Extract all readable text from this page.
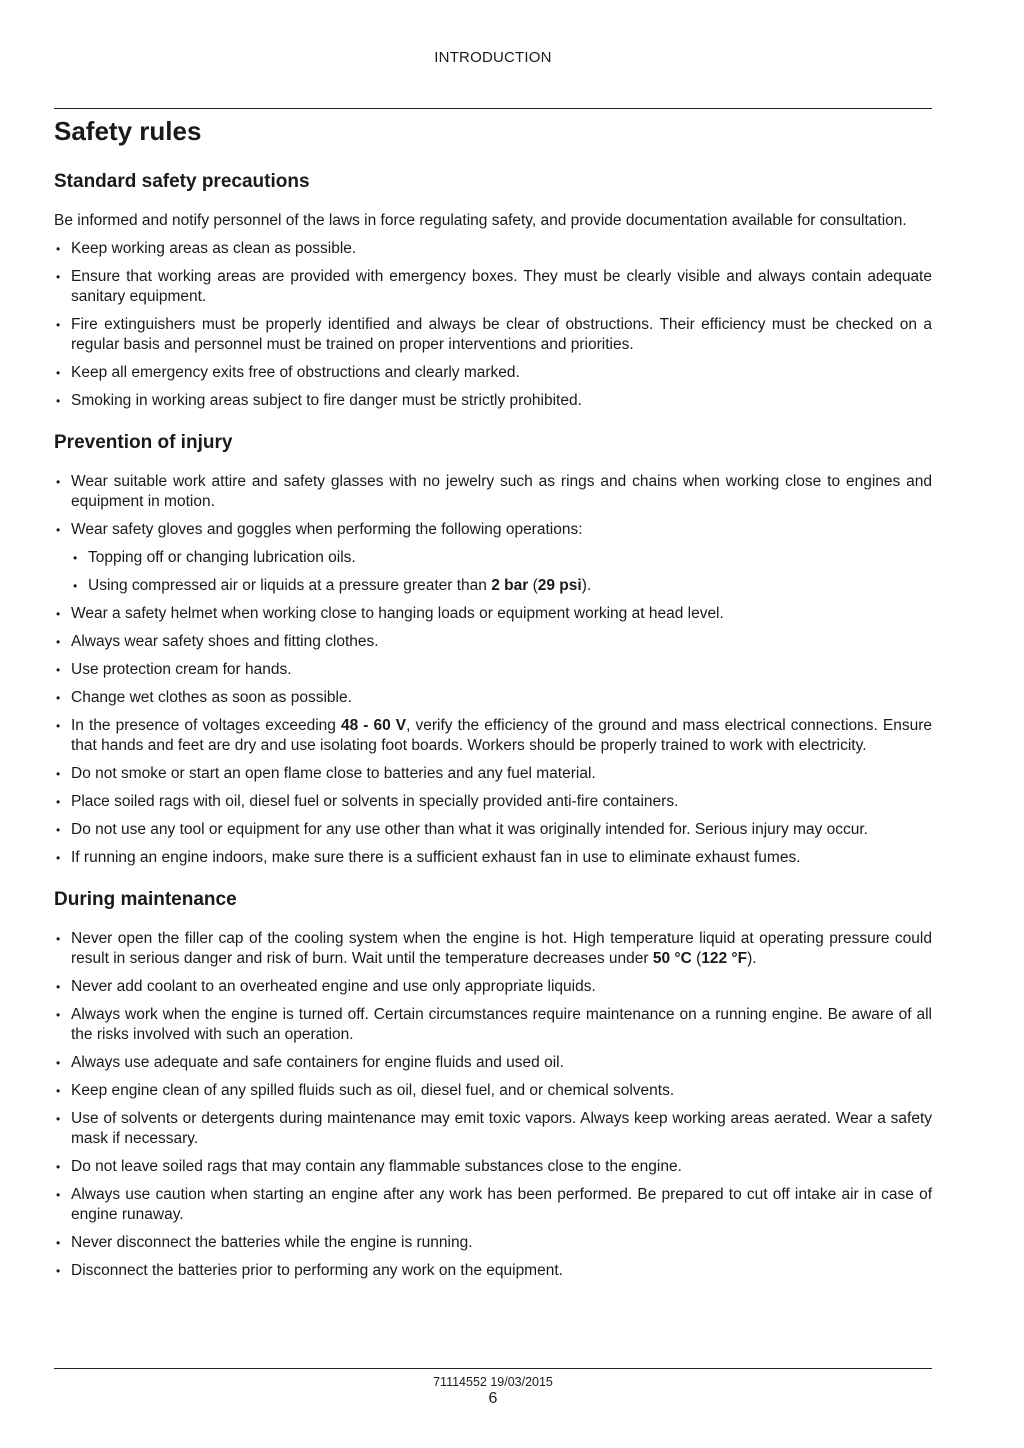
INTRODUCTION
Safety rules
Standard safety precautions

Be informed and notify personnel of the laws in force regulating safety, and provide documentation available for consultation.

• Keep working areas as clean as possible.
• Ensure that working areas are provided with emergency boxes. They must be clearly visible and always contain adequate sanitary equipment.
• Fire extinguishers must be properly identified and always be clear of obstructions. Their efficiency must be checked on a regular basis and personnel must be trained on proper interventions and priorities.
• Keep all emergency exits free of obstructions and clearly marked.
• Smoking in working areas subject to fire danger must be strictly prohibited.
Prevention of injury
• Wear suitable work attire and safety glasses with no jewelry such as rings and chains when working close to engines and equipment in motion.
• Wear safety gloves and goggles when performing the following operations:
• Topping off or changing lubrication oils.
• Using compressed air or liquids at a pressure greater than 2 bar (29 psi).
• Wear a safety helmet when working close to hanging loads or equipment working at head level.
• Always wear safety shoes and fitting clothes.
• Use protection cream for hands.
• Change wet clothes as soon as possible.
• In the presence of voltages exceeding 48 - 60 V, verify the efficiency of the ground and mass electrical connections. Ensure that hands and feet are dry and use isolating foot boards. Workers should be properly trained to work with electricity.
• Do not smoke or start an open flame close to batteries and any fuel material.
• Place soiled rags with oil, diesel fuel or solvents in specially provided anti-fire containers.
• Do not use any tool or equipment for any use other than what it was originally intended for. Serious injury may occur.
• If running an engine indoors, make sure there is a sufficient exhaust fan in use to eliminate exhaust fumes.
During maintenance
• Never open the filler cap of the cooling system when the engine is hot. High temperature liquid at operating pressure could result in serious danger and risk of burn. Wait until the temperature decreases under 50 °C (122 °F).
• Never add coolant to an overheated engine and use only appropriate liquids.
• Always work when the engine is turned off. Certain circumstances require maintenance on a running engine. Be aware of all the risks involved with such an operation.
• Always use adequate and safe containers for engine fluids and used oil.
• Keep engine clean of any spilled fluids such as oil, diesel fuel, and or chemical solvents.
• Use of solvents or detergents during maintenance may emit toxic vapors. Always keep working areas aerated. Wear a safety mask if necessary.
• Do not leave soiled rags that may contain any flammable substances close to the engine.
• Always use caution when starting an engine after any work has been performed. Be prepared to cut off intake air in case of engine runaway.
• Never disconnect the batteries while the engine is running.
• Disconnect the batteries prior to performing any work on the equipment.
71114552 19/03/2015
6
